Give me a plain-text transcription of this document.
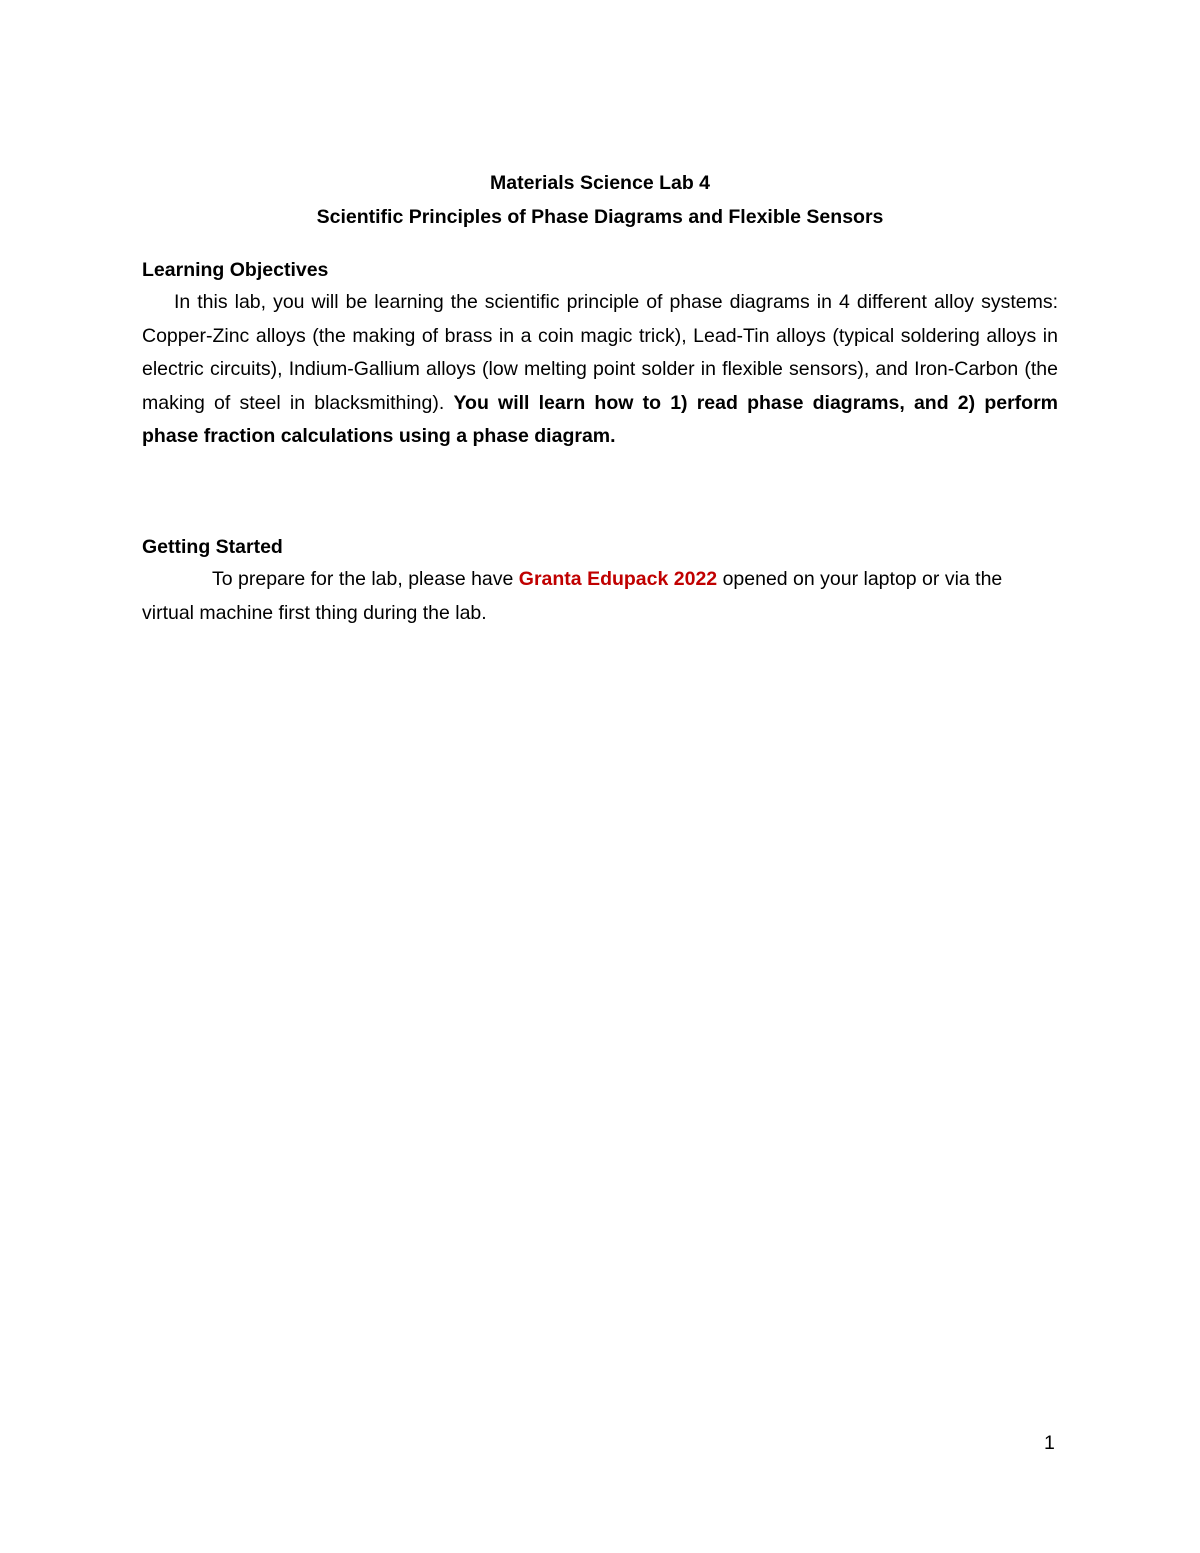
Materials Science Lab 4
Scientific Principles of Phase Diagrams and Flexible Sensors
Learning Objectives

In this lab, you will be learning the scientific principle of phase diagrams in 4 different alloy systems: Copper-Zinc alloys (the making of brass in a coin magic trick), Lead-Tin alloys (typical soldering alloys in electric circuits), Indium-Gallium alloys (low melting point solder in flexible sensors), and Iron-Carbon (the making of steel in blacksmithing). You will learn how to 1) read phase diagrams, and 2) perform phase fraction calculations using a phase diagram.

Getting Started

To prepare for the lab, please have Granta Edupack 2022 opened on your laptop or via the virtual machine first thing during the lab.

1
